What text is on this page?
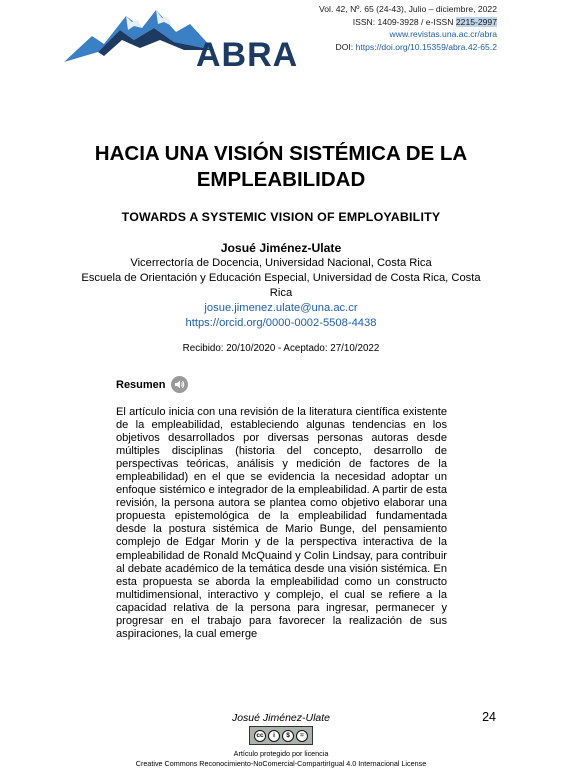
ABRA
Vol. 42, Nº. 65 (24-43), Julio – diciembre, 2022
ISSN: 1409-3928 / e-ISSN 2215-2997
www.revistas.una.ac.cr/abra
DOI: https://doi.org/10.15359/abra.42-65.2
HACIA UNA VISIÓN SISTÉMICA DE LA EMPLEABILIDAD
TOWARDS A SYSTEMIC VISION OF EMPLOYABILITY
Josué Jiménez-Ulate
Vicerrectoría de Docencia, Universidad Nacional, Costa Rica
Escuela de Orientación y Educación Especial, Universidad de Costa Rica, Costa Rica
josue.jimenez.ulate@una.ac.cr
https://orcid.org/0000-0002-5508-4438
Recibido: 20/10/2020 - Aceptado: 27/10/2022
Resumen
El artículo inicia con una revisión de la literatura científica existente de la empleabilidad, estableciendo algunas tendencias en los objetivos desarrollados por diversas personas autoras desde múltiples disciplinas (historia del concepto, desarrollo de perspectivas teóricas, análisis y medición de factores de la empleabilidad) en el que se evidencia la necesidad adoptar un enfoque sistémico e integrador de la empleabilidad. A partir de esta revisión, la persona autora se plantea como objetivo elaborar una propuesta epistemológica de la empleabilidad fundamentada desde la postura sistémica de Mario Bunge, del pensamiento complejo de Edgar Morin y de la perspectiva interactiva de la empleabilidad de Ronald McQuaind y Colin Lindsay, para contribuir al debate académico de la temática desde una visión sistémica. En esta propuesta se aborda la empleabilidad como un constructo multidimensional, interactivo y complejo, el cual se refiere a la capacidad relativa de la persona para ingresar, permanecer y progresar en el trabajo para favorecer la realización de sus aspiraciones, la cual emerge
Josué Jiménez-Ulate	24
cc	i	$	=
Artículo protegido por licencia
Creative Commons Reconocimiento-NoComercial-CompartirIgual 4.0 Internacional License
